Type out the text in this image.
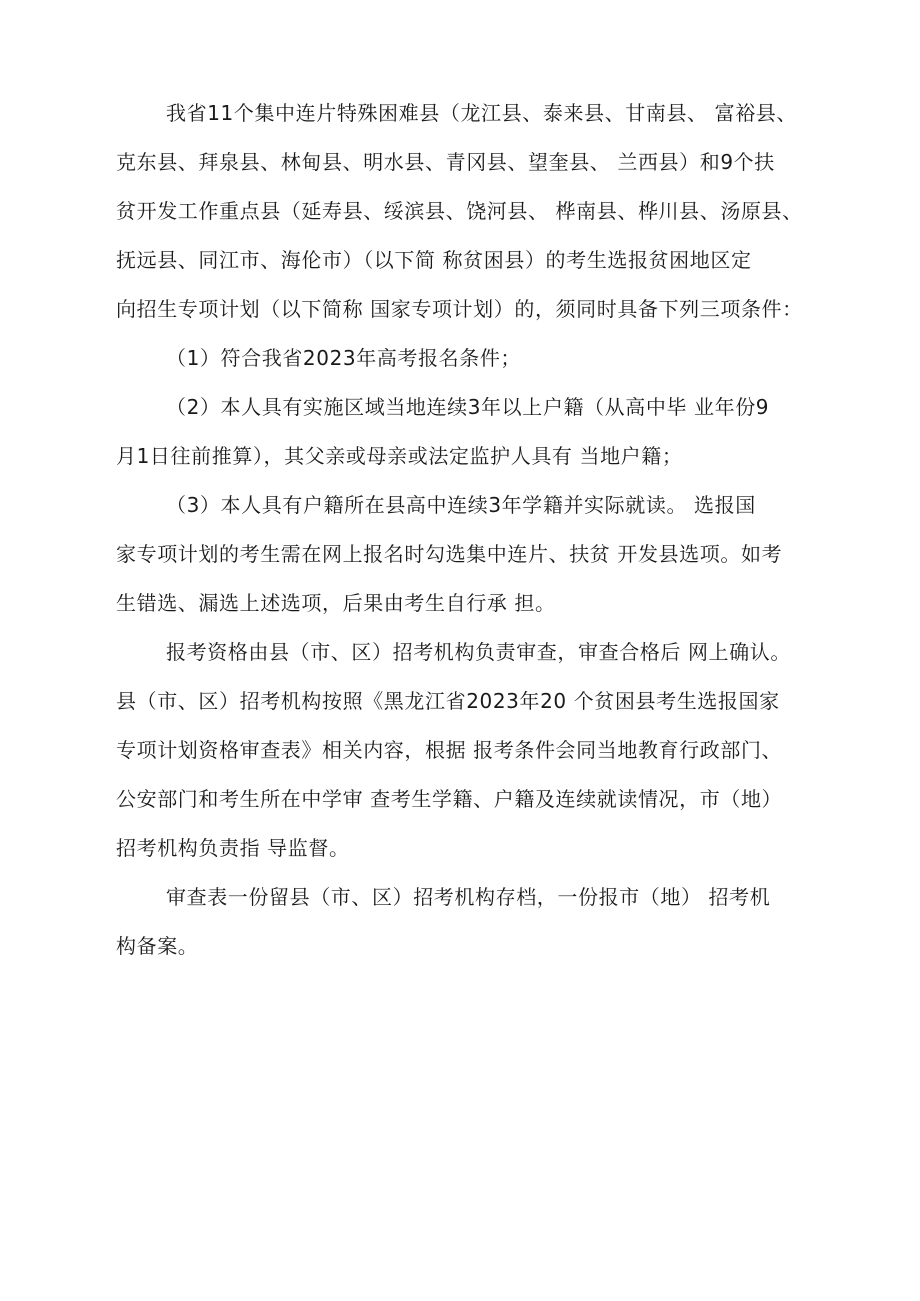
我省11个集中连片特殊困难县（龙江县、泰来县、甘南县、 富裕县、
克东县、拜泉县、林甸县、明水县、青冈县、望奎县、 兰西县）和9个扶
贫开发工作重点县（延寿县、绥滨县、饶河县、 桦南县、桦川县、汤原县、
抚远县、同江市、海伦市）（以下简 称贫困县）的考生选报贫困地区定
向招生专项计划（以下简称 国家专项计划）的，须同时具备下列三项条件：
（1）符合我省2023年高考报名条件；
（2）本人具有实施区域当地连续3年以上户籍（从高中毕 业年份9
月1日往前推算），其父亲或母亲或法定监护人具有 当地户籍；
（3）本人具有户籍所在县高中连续3年学籍并实际就读。 选报国
家专项计划的考生需在网上报名时勾选集中连片、扶贫 开发县选项。如考
生错选、漏选上述选项，后果由考生自行承 担。
报考资格由县（市、区）招考机构负责审查，审查合格后 网上确认。
县（市、区）招考机构按照《黑龙江省2023年20 个贫困县考生选报国家
专项计划资格审查表》相关内容，根据 报考条件会同当地教育行政部门、
公安部门和考生所在中学审 查考生学籍、户籍及连续就读情况，市（地）
招考机构负责指 导监督。
审查表一份留县（市、区）招考机构存档，一份报市（地） 招考机
构备案。
